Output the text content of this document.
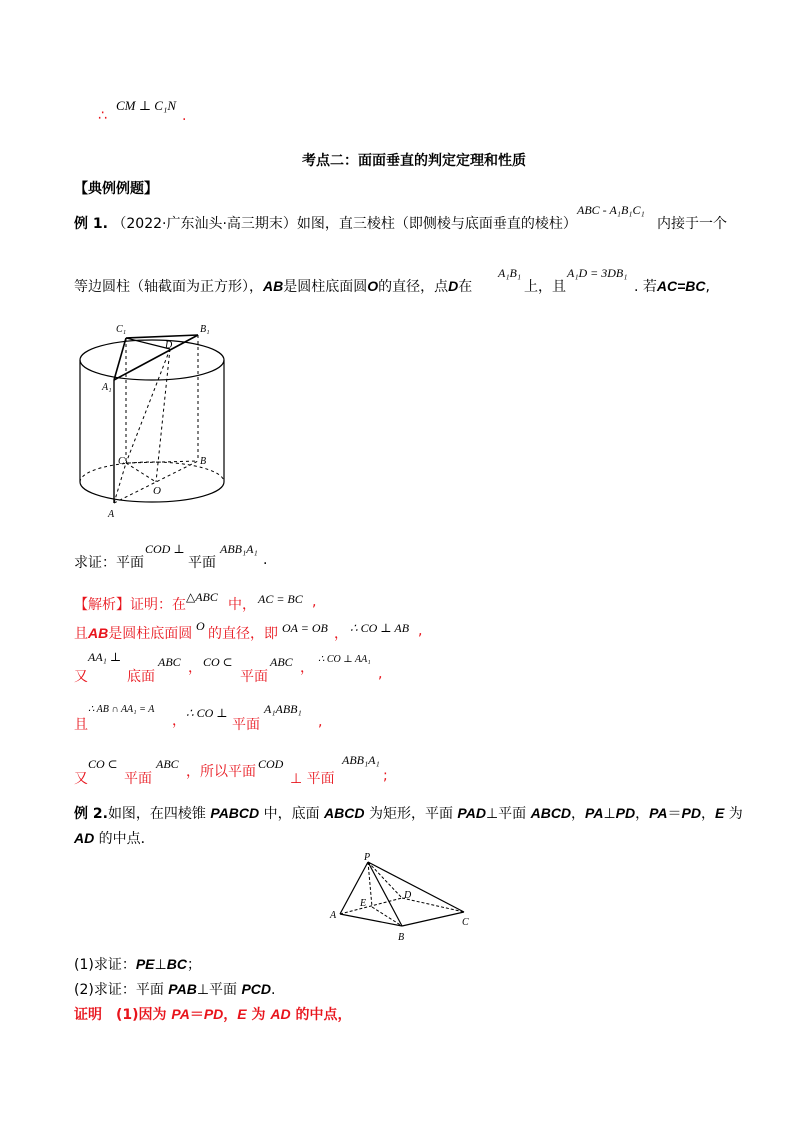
∴
CM ⊥ C₁N
.
考点二：面面垂直的判定定理和性质
【典例例题】
例 1. （2022·广东汕头·高三期末）如图，直三棱柱（即侧棱与底面垂直的棱柱）
ABC - A₁B₁C₁
内接于一个
等边圆柱（轴截面为正方形），AB是圆柱底面圆O的直径，点D在
A₁B₁
上，且
A₁D = 3DB₁
. 若AC=BC,
C₁	B₁
D
A₁
C	B
O
A
求证：平面
COD ⊥
平面
ABB₁A₁
.
【解析】证明：在 △ABC 中， AC = BC ,
且AB是圆柱底面圆 O 的直径，即 OA = OB ， ∴ CO ⊥ AB ,
又
AA₁ ⊥
底面
ABC ， CO ⊂
平面
ABC ，
∴ CO ⊥ AA₁
,
且
∴ AB ∩ AA₁ = A
， ∴ CO ⊥
平面
A₁ABB₁
,
又
CO ⊂
平面
ABC ，所以平面 COD
⊥ 平面
ABB₁A₁
;
例 2.如图，在四棱锥 PABCD 中，底面 ABCD 为矩形，平面 PAD⊥平面 ABCD，PA⊥PD，PA＝PD，E 为
AD 的中点．
P
D
E
A
B
C
(1)求证：PE⊥BC；
(2)求证：平面 PAB⊥平面 PCD.
证明　(1)因为 PA＝PD，E 为 AD 的中点，
